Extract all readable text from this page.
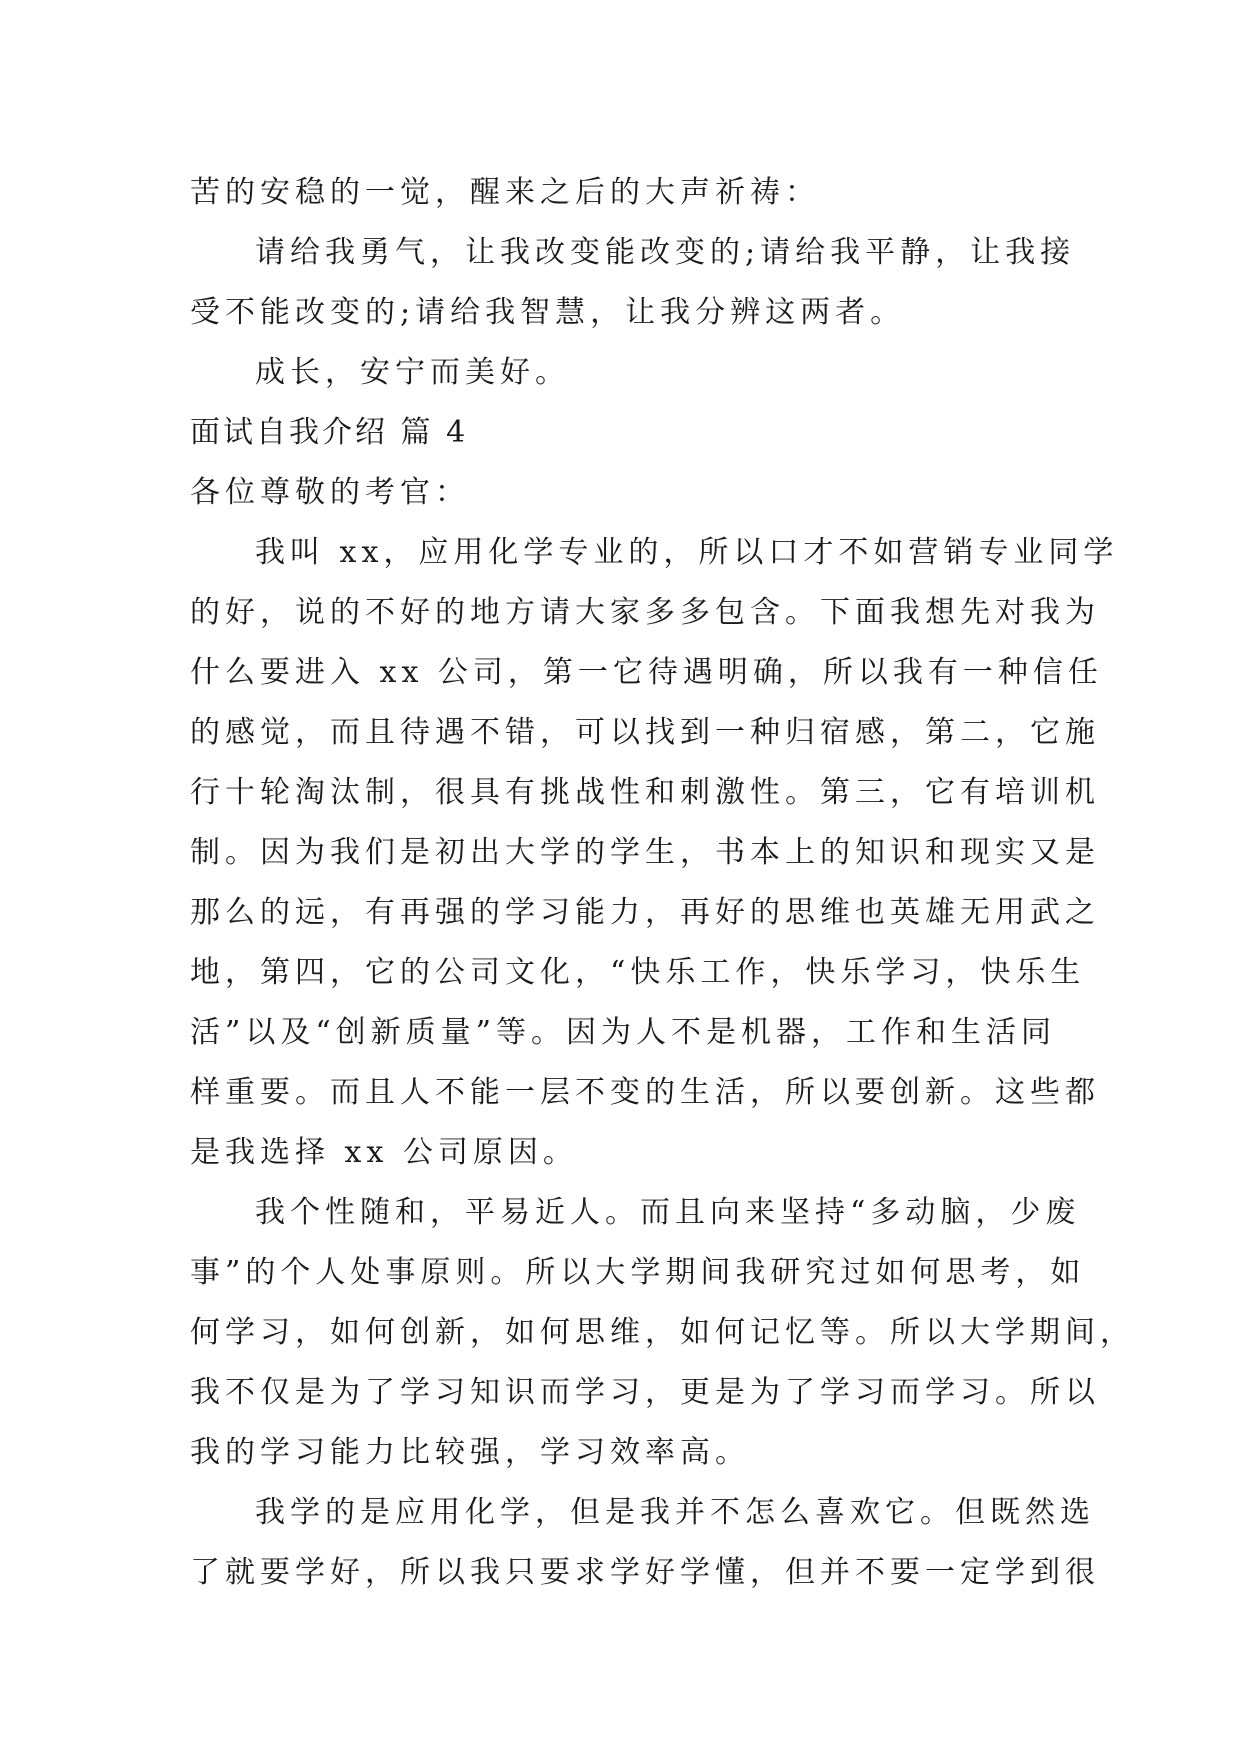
苦的安稳的一觉，醒来之后的大声祈祷：

请给我勇气，让我改变能改变的;请给我平静，让我接

受不能改变的;请给我智慧，让我分辨这两者。

成长，安宁而美好。

面试自我介绍 篇 4

各位尊敬的考官：

我叫 xx，应用化学专业的，所以口才不如营销专业同学

的好，说的不好的地方请大家多多包含。下面我想先对我为

什么要进入 xx 公司，第一它待遇明确，所以我有一种信任

的感觉，而且待遇不错，可以找到一种归宿感，第二，它施

行十轮淘汰制，很具有挑战性和刺激性。第三，它有培训机

制。因为我们是初出大学的学生，书本上的知识和现实又是

那么的远，有再强的学习能力，再好的思维也英雄无用武之

地，第四，它的公司文化，“快乐工作，快乐学习，快乐生

活”以及“创新质量”等。因为人不是机器，工作和生活同

样重要。而且人不能一层不变的生活，所以要创新。这些都

是我选择 xx 公司原因。

我个性随和，平易近人。而且向来坚持“多动脑，少废

事”的个人处事原则。所以大学期间我研究过如何思考，如

何学习，如何创新，如何思维，如何记忆等。所以大学期间，

我不仅是为了学习知识而学习，更是为了学习而学习。所以

我的学习能力比较强，学习效率高。

我学的是应用化学，但是我并不怎么喜欢它。但既然选

了就要学好，所以我只要求学好学懂，但并不要一定学到很
